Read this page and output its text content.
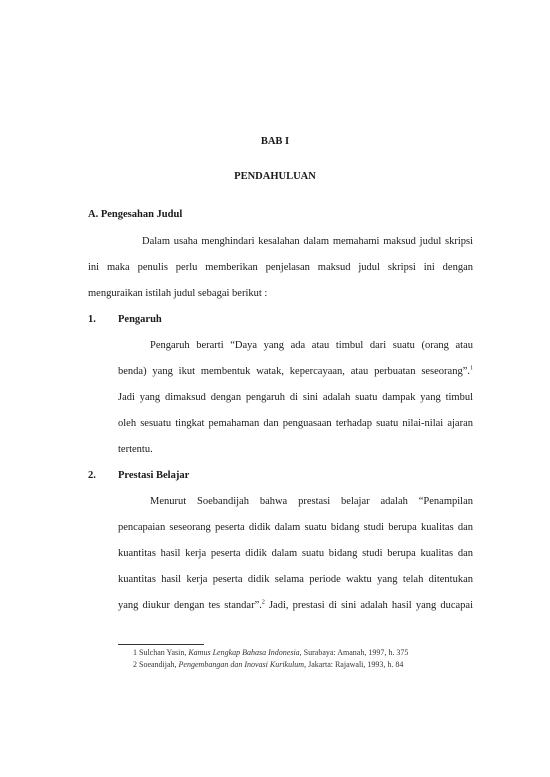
BAB I
PENDAHULUAN
A. Pengesahan Judul
Dalam usaha menghindari kesalahan dalam memahami maksud judul skripsi
ini maka penulis perlu memberikan penjelasan maksud judul skripsi ini dengan
menguraikan istilah judul sebagai berikut :
1. Pengaruh
Pengaruh berarti “Daya yang ada atau timbul dari suatu (orang atau
benda) yang ikut membentuk watak, kepercayaan, atau perbuatan seseorang”.$^1$
Jadi yang dimaksud dengan pengaruh di sini adalah suatu dampak yang timbul
oleh sesuatu tingkat pemahaman dan penguasaan terhadap suatu nilai-nilai ajaran
tertentu.
2. Prestasi Belajar
Menurut Soebandijah bahwa prestasi belajar adalah “Penampilan
pencapaian seseorang peserta didik dalam suatu bidang studi berupa kualitas dan
kuantitas hasil kerja peserta didik dalam suatu bidang studi berupa kualitas dan
kuantitas hasil kerja peserta didik selama periode waktu yang telah ditentukan
yang diukur dengan tes standar”.$^2$ Jadi, prestasi di sini adalah hasil yang ducapai
1 Sulchan Yasin, Kamus Lengkap Bahasa Indonesia, Surabaya: Amanah, 1997, h. 375
2 Soeandijah, Pengembangan dan Inovasi Kurikulum, Jakarta: Rajawali, 1993, h. 84
